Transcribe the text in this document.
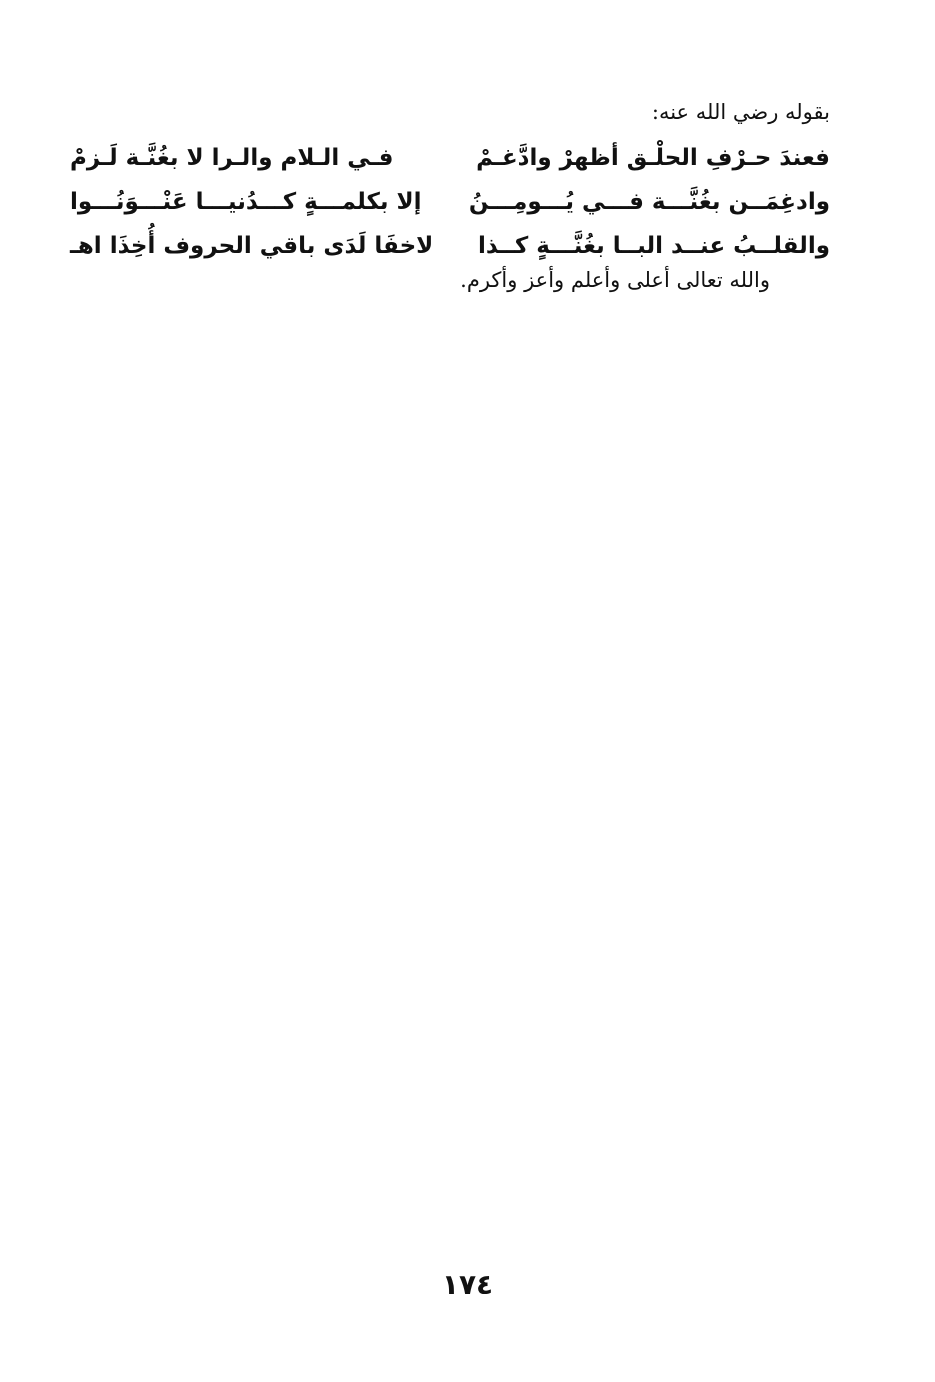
بقوله رضي الله عنه:
فعندَ حـرْفِ الحلْـق أظهرْ وادَّغـمْ
فـي الـلام والـرا لا بغُنَّـة لَـزمْ
وادغِمَــن بغُنَّـــة فـــي يُـــومِـــنُ
إلا بكلمـــةٍ كـــدُنيـــا عَنْـــوَنُـــوا
والقلــبُ عنــد البــا بغُنَّـــةٍ كــذا
لاخفَا لَدَى باقي الحروف أُخِذَا اهـ
والله تعالى أعلى وأعلم وأعز وأكرم.
١٧٤
